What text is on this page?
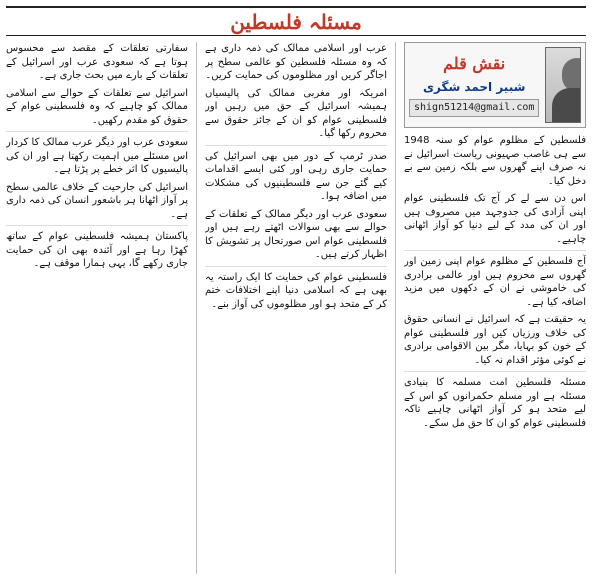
مسئلہ فلسطین
نقش قلم
شبیر احمد شگری
shign51214@gmail.com

فلسطین کے مظلوم عوام کو سنہ 1948 سے ہی غاصب صہیونی ریاست اسرائیل نے نہ صرف اپنے گھروں سے بلکہ زمین سے بے دخل کیا۔

اس دن سے لے کر آج تک فلسطینی عوام اپنی آزادی کی جدوجہد میں مصروف ہیں اور ان کی مدد کے لیے دنیا کو آواز اٹھانی چاہیے۔

آج فلسطین کے مظلوم عوام اپنی زمین اور گھروں سے محروم ہیں اور عالمی برادری کی خاموشی نے ان کے دکھوں میں مزید اضافہ کیا ہے۔

یہ حقیقت ہے کہ اسرائیل نے انسانی حقوق کی خلاف ورزیاں کیں اور فلسطینی عوام کے خون کو بہایا، مگر بین الاقوامی برادری نے کوئی مؤثر اقدام نہ کیا۔

مسئلہ فلسطین امت مسلمہ کا بنیادی مسئلہ ہے اور مسلم حکمرانوں کو اس کے لیے متحد ہو کر آواز اٹھانی چاہیے تاکہ فلسطینی عوام کو ان کا حق مل سکے۔

عرب اور اسلامی ممالک کی ذمہ داری ہے کہ وہ مسئلہ فلسطین کو عالمی سطح پر اجاگر کریں اور مظلوموں کی حمایت کریں۔

امریکہ اور مغربی ممالک کی پالیسیاں ہمیشہ اسرائیل کے حق میں رہیں اور فلسطینی عوام کو ان کے جائز حقوق سے محروم رکھا گیا۔

صدر ٹرمپ کے دور میں بھی اسرائیل کی حمایت جاری رہی اور کئی ایسے اقدامات کیے گئے جن سے فلسطینیوں کی مشکلات میں اضافہ ہوا۔

سعودی عرب اور دیگر ممالک کے تعلقات کے حوالے سے بھی سوالات اٹھتے رہے ہیں اور فلسطینی عوام اس صورتحال پر تشویش کا اظہار کرتے ہیں۔

فلسطینی عوام کی حمایت کا ایک راستہ یہ بھی ہے کہ اسلامی دنیا اپنے اختلافات ختم کر کے متحد ہو اور مظلوموں کی آواز بنے۔

سفارتی تعلقات کے مقصد سے محسوس ہوتا ہے کہ سعودی عرب اور اسرائیل کے تعلقات کے بارے میں بحث جاری ہے۔

اسرائیل سے تعلقات کے حوالے سے اسلامی ممالک کو چاہیے کہ وہ فلسطینی عوام کے حقوق کو مقدم رکھیں۔

سعودی عرب اور دیگر عرب ممالک کا کردار اس مسئلے میں اہمیت رکھتا ہے اور ان کی پالیسیوں کا اثر خطے پر پڑتا ہے۔

اسرائیل کی جارحیت کے خلاف عالمی سطح پر آواز اٹھانا ہر باشعور انسان کی ذمہ داری ہے۔

پاکستان ہمیشہ فلسطینی عوام کے ساتھ کھڑا رہا ہے اور آئندہ بھی ان کی حمایت جاری رکھے گا، یہی ہمارا موقف ہے۔
